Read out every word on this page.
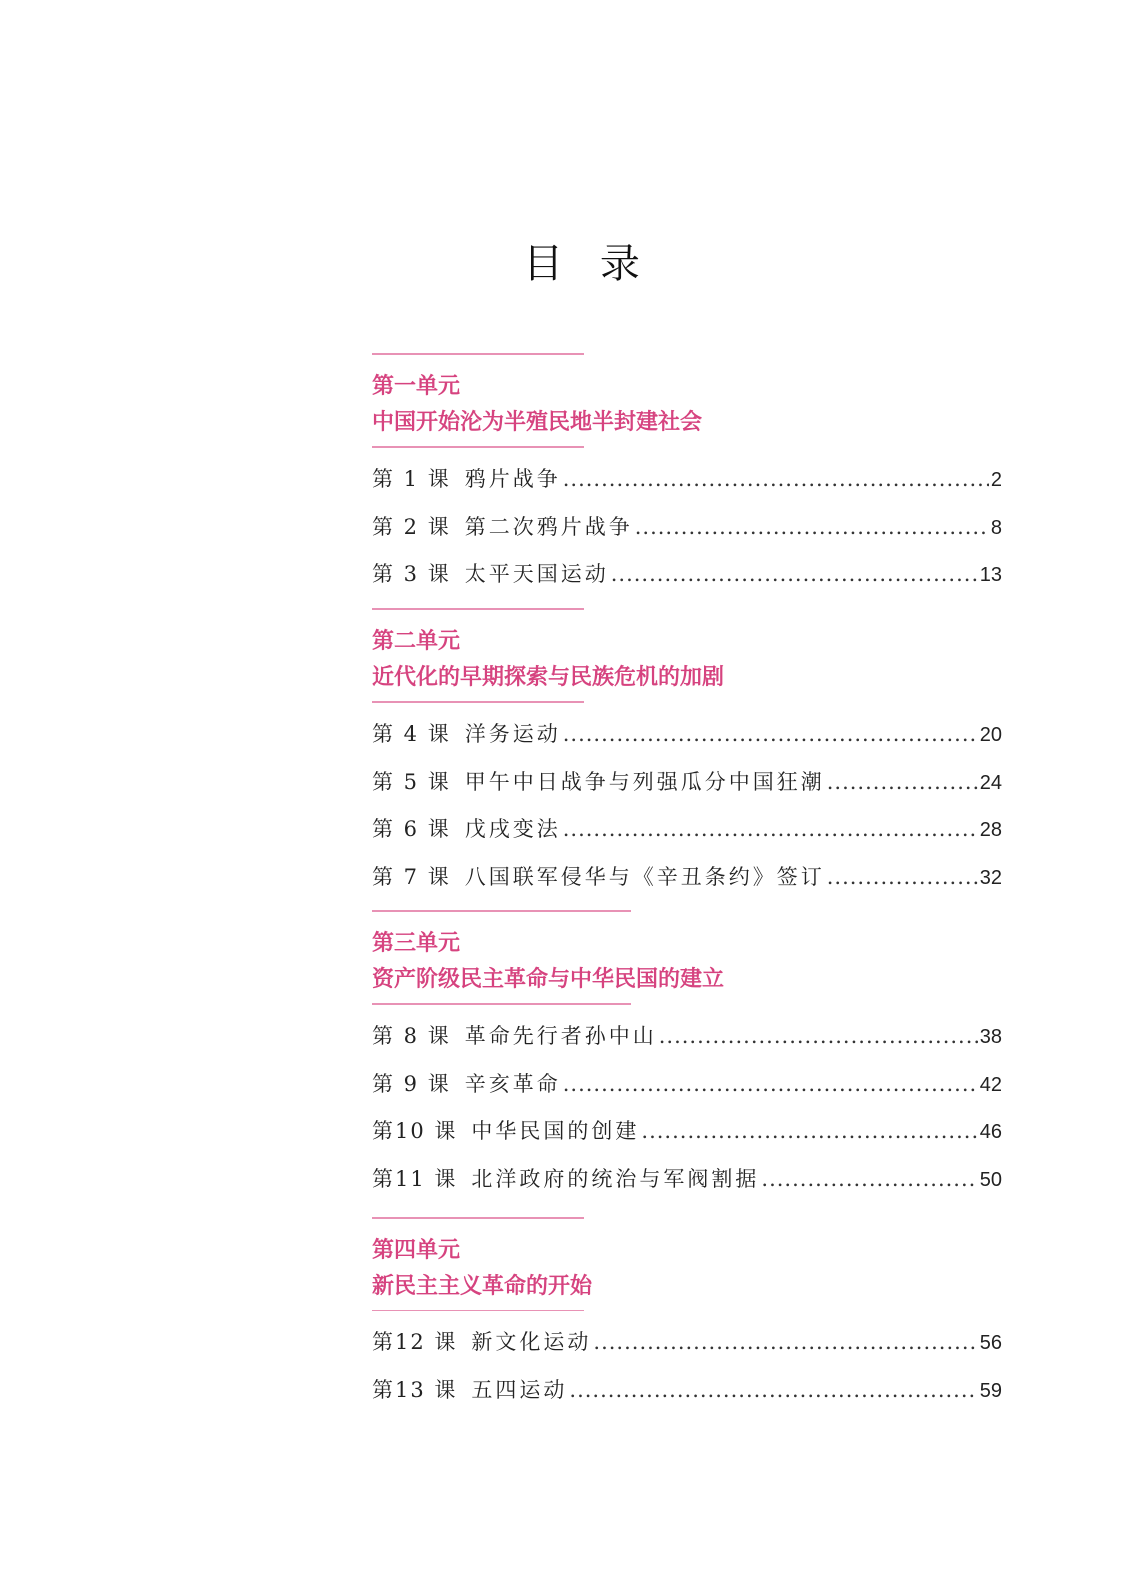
目 录
第一单元
中国开始沦为半殖民地半封建社会
第 1 课 鸦片战争 .....	2
第 2 课 第二次鸦片战争 .....	8
第 3 课 太平天国运动 .....	13
第二单元
近代化的早期探索与民族危机的加剧
第 4 课 洋务运动 .....	20
第 5 课 甲午中日战争与列强瓜分中国狂潮 .....	24
第 6 课 戊戌变法 .....	28
第 7 课 八国联军侵华与《辛丑条约》签订 .....	32
第三单元
资产阶级民主革命与中华民国的建立
第 8 课 革命先行者孙中山 .....	38
第 9 课 辛亥革命 .....	42
第10 课 中华民国的创建 .....	46
第11 课 北洋政府的统治与军阀割据 .....	50
第四单元
新民主主义革命的开始
第12 课 新文化运动 .....	56
第13 课 五四运动 .....	59
